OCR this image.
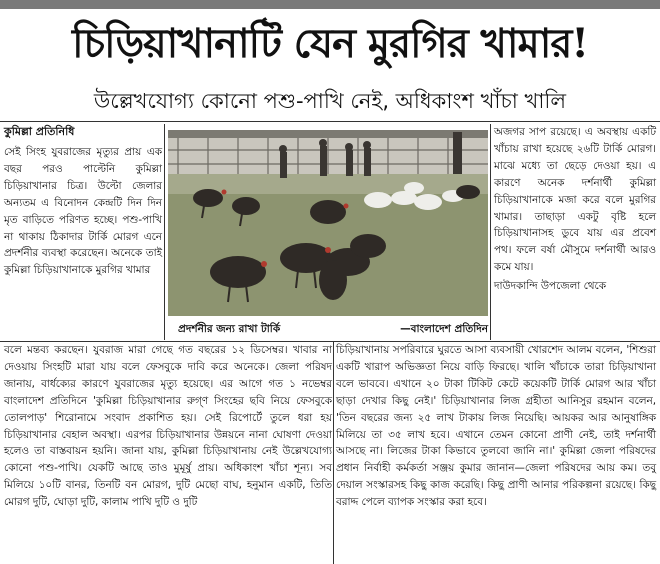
চিড়িয়াখানাটি যেন মুরগির খামার!
উল্লেখযোগ্য কোনো পশু-পাখি নেই, অধিকাংশ খাঁচা খালি
কুমিল্লা প্রতিনিধি

সেই সিংহ যুবরাজের মৃত্যুর প্রায় এক বছর পরও পাল্টেনি কুমিল্লা চিড়িয়াখানার চিত্র। উল্টো জেলার অন্যতম এ বিনোদন কেন্দ্রটি দিন দিন মৃত বাড়িতে পরিণত হচ্ছে। পশু-পাখি না থাকায় ঠিকাদার টার্কি মোরগ এনে প্রদর্শনীর ব্যবস্থা করেছেন। অনেকে তাই কুমিল্লা চিড়িয়াখানাকে মুরগির খামার

প্রদর্শনীর জন্য রাখা টার্কি	—বাংলাদেশ প্রতিদিন

অজগর সাপ রয়েছে। এ অবস্থায় একটি খাঁচায় রাখা হয়েছে ২৬টি টার্কি মোরগ। মাঝে মধ্যে তা ছেড়ে দেওয়া হয়। এ কারণে অনেক দর্শনার্থী কুমিল্লা চিড়িয়াখানাকে মজা করে বলে মুরগির খামার। তাছাড়া একটু বৃষ্টি হলে চিড়িয়াখানাসহ ডুবে যায় এর প্রবেশ পথ। ফলে বর্ষা মৌসুমে দর্শনার্থী আরও কমে যায়।

দাউদকান্দি উপজেলা থেকে

বলে মন্তব্য করছেন। যুবরাজ মারা গেছে গত বছরের ১২ ডিসেম্বর। খাবার না দেওয়ায় সিংহটি মারা যায় বলে ফেসবুকে দাবি করে অনেকে। জেলা পরিষদ জানায়, বার্ধক্যের কারণে যুবরাজের মৃত্যু হয়েছে। এর আগে গত ১ নভেম্বর বাংলাদেশ প্রতিদিনে 'কুমিল্লা চিড়িয়াখানার রুগ্ণ সিংহের ছবি নিয়ে ফেসবুকে তোলপাড়' শিরোনামে সংবাদ প্রকাশিত হয়। সেই রিপোর্টে তুলে ধরা হয় চিড়িয়াখানার বেহাল অবস্থা। এরপর চিড়িয়াখানার উন্নয়নে নানা ঘোষণা দেওয়া হলেও তা বাস্তবায়ন হয়নি। জানা যায়, কুমিল্লা চিড়িয়াখানায় নেই উল্লেখযোগ্য কোনো পশু-পাখি। যেকটি আছে তাও মুমূর্ষু প্রায়। অধিকাংশ খাঁচা শূন্য। সব মিলিয়ে ১০টি বানর, তিনটি বন মোরগ, দুটি মেছো বাঘ, হনুমান একটি, তিতি মোরগ দুটি, ঘোড়া দুটি, কালাম পাখি দুটি ও দুটি

চিড়িয়াখানায় সপরিবারে ঘুরতে আসা ব্যবসায়ী খোরশেদ আলম বলেন, 'শিশুরা একটি খারাপ অভিজ্ঞতা নিয়ে বাড়ি ফিরছে। খালি খাঁচাকে তারা চিড়িয়াখানা বলে ভাববে। এখানে ২০ টাকা টিকিট কেটে কয়েকটি টার্কি মোরগ আর খাঁচা ছাড়া দেখার কিছু নেই।' চিড়িয়াখানার লিজ গ্রহীতা আনিসুর রহমান বলেন, 'তিন বছরের জন্য ২৫ লাখ টাকায় লিজ নিয়েছি। আয়কর আর আনুষাঙ্গিক মিলিয়ে তা ৩৫ লাখ হবে। এখানে তেমন কোনো প্রাণী নেই, তাই দর্শনার্থী আসছে না। লিজের টাকা কিভাবে তুলবো জানি না।' কুমিল্লা জেলা পরিষদের প্রধান নির্বাহী কর্মকর্তা সঞ্জয় কুমার জানান—জেলা পরিষদের আয় কম। তবু দেয়াল সংস্কারসহ কিছু কাজ করেছি। কিছু প্রাণী আনার পরিকল্পনা রয়েছে। কিছু বরাদ্দ পেলে ব্যাপক সংস্কার করা হবে।
